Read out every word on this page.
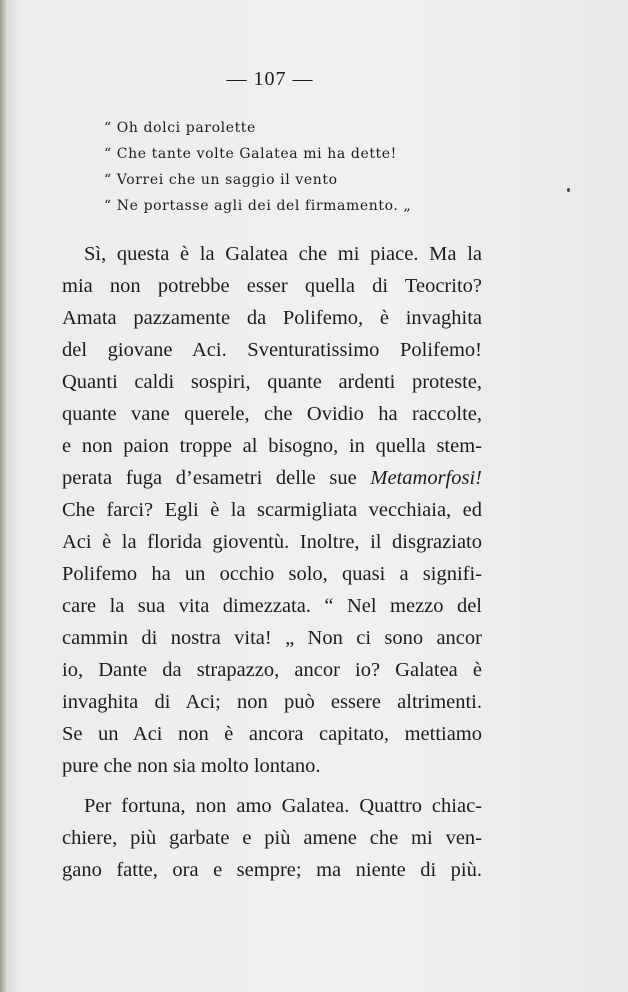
— 107 —
“ Oh dolci parolette
“ Che tante volte Galatea mi ha dette!
“ Vorrei che un saggio il vento
“ Ne portasse agli dei del firmamento. „
Sì, questa è la Galatea che mi piace. Ma la
mia non potrebbe esser quella di Teocrito?
Amata pazzamente da Polifemo, è invaghita
del giovane Aci. Sventuratissimo Polifemo!
Quanti caldi sospiri, quante ardenti proteste,
quante vane querele, che Ovidio ha raccolte,
e non paion troppe al bisogno, in quella stem-
perata fuga d’esametri delle sue Metamorfosi!
Che farci? Egli è la scarmigliata vecchiaia, ed
Aci è la florida gioventù. Inoltre, il disgraziato
Polifemo ha un occhio solo, quasi a signifi-
care la sua vita dimezzata. “ Nel mezzo del
cammin di nostra vita! „ Non ci sono ancor
io, Dante da strapazzo, ancor io? Galatea è
invaghita di Aci; non può essere altrimenti.
Se un Aci non è ancora capitato, mettiamo
pure che non sia molto lontano.
Per fortuna, non amo Galatea. Quattro chiac-
chiere, più garbate e più amene che mi ven-
gano fatte, ora e sempre; ma niente di più.
